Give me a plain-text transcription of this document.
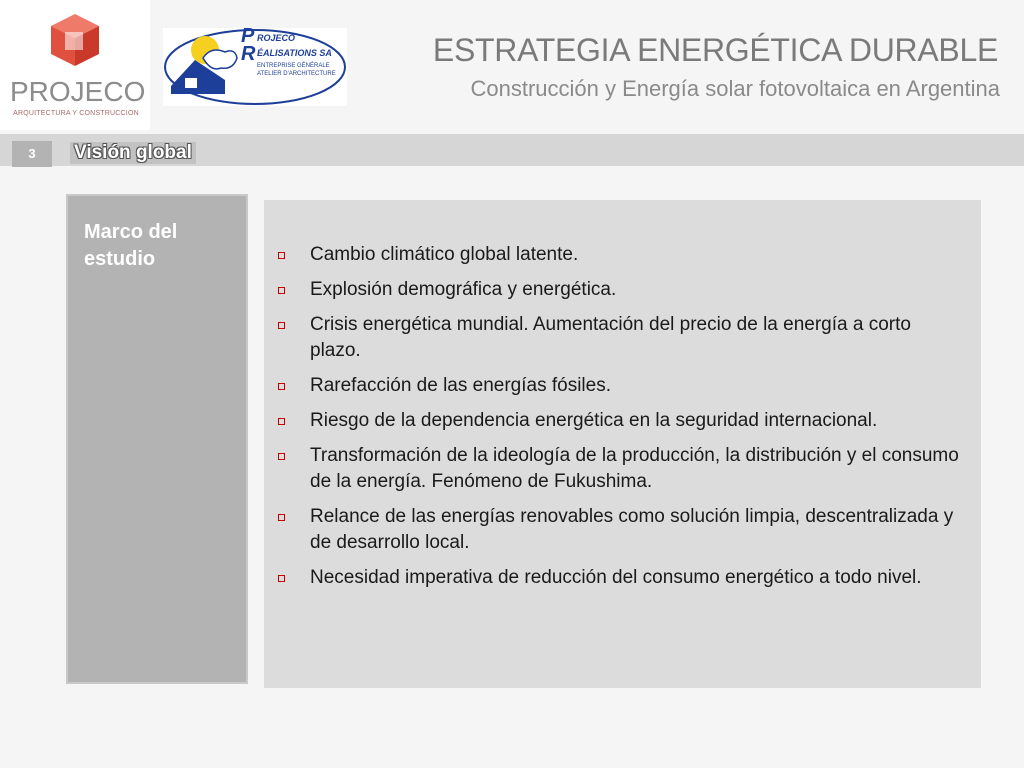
PROJECO
ARQUITECTURA Y CONSTRUCCION
P ROJECO
R ÉALISATIONS SA
ENTREPRISE GÉNÉRALE
ATELIER D'ARCHITECTURE
ESTRATEGIA ENERGÉTICA DURABLE
Construcción y Energía solar fotovoltaica en Argentina
3	Visión global
Marco del estudio	Cambio climático global latente.
Explosión demográfica y energética.
Crisis energética mundial. Aumentación del precio de la energía a corto plazo.
Rarefacción de las energías fósiles.
Riesgo de la dependencia energética en la seguridad internacional.
Transformación de la ideología de la producción, la distribución y el consumo de la energía. Fenómeno de Fukushima.
Relance de las energías renovables como solución limpia, descentralizada y de desarrollo local.
Necesidad imperativa de reducción del consumo energético a todo nivel.
